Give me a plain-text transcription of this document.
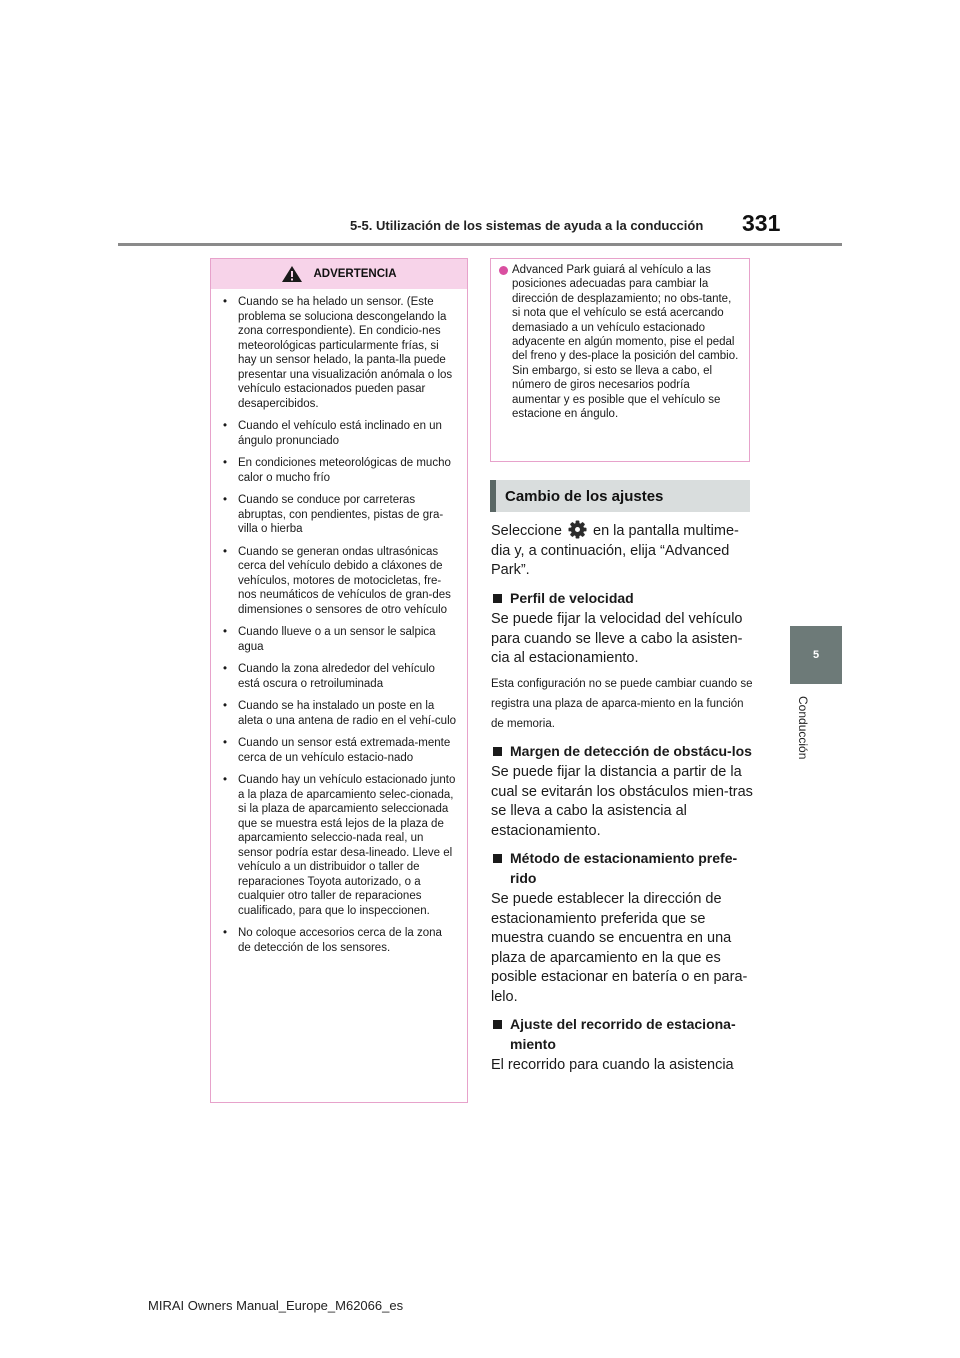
5-5. Utilización de los sistemas de ayuda a la conducción 331
5
Conducción
ADVERTENCIA
• Cuando se ha helado un sensor. (Este problema se soluciona descongelando la zona correspondiente). En condicio-nes meteorológicas particularmente frías, si hay un sensor helado, la panta-lla puede presentar una visualización anómala o los vehículo estacionados pueden pasar desapercibidos.
• Cuando el vehículo está inclinado en un ángulo pronunciado
• En condiciones meteorológicas de mucho calor o mucho frío
• Cuando se conduce por carreteras abruptas, con pendientes, pistas de gra-villa o hierba
• Cuando se generan ondas ultrasónicas cerca del vehículo debido a cláxones de vehículos, motores de motocicletas, fre-nos neumáticos de vehículos de gran-des dimensiones o sensores de otro vehículo
• Cuando llueve o a un sensor le salpica agua
• Cuando la zona alrededor del vehículo está oscura o retroiluminada
• Cuando se ha instalado un poste en la aleta o una antena de radio en el vehí-culo
• Cuando un sensor está extremada-mente cerca de un vehículo estacio-nado
• Cuando hay un vehículo estacionado junto a la plaza de aparcamiento selec-cionada, si la plaza de aparcamiento seleccionada que se muestra está lejos de la plaza de aparcamiento seleccio-nada real, un sensor podría estar desa-lineado. Lleve el vehículo a un distribuidor o taller de reparaciones Toyota autorizado, o a cualquier otro taller de reparaciones cualificado, para que lo inspeccionen.
• No coloque accesorios cerca de la zona de detección de los sensores.
Advanced Park guiará al vehículo a las posiciones adecuadas para cambiar la dirección de desplazamiento; no obs-tante, si nota que el vehículo se está acercando demasiado a un vehículo estacionado adyacente en algún momento, pise el pedal del freno y des-place la posición del cambio. Sin embargo, si esto se lleva a cabo, el número de giros necesarios podría aumentar y es posible que el vehículo se estacione en ángulo.
Cambio de los ajustes

Seleccione en la pantalla multime-dia y, a continuación, elija “Advanced Park”.

Perfil de velocidad

Se puede fijar la velocidad del vehículo para cuando se lleve a cabo la asisten-cia al estacionamiento.

Esta configuración no se puede cambiar cuando se registra una plaza de aparca-miento en la función de memoria.

Margen de detección de obstácu-los

Se puede fijar la distancia a partir de la cual se evitarán los obstáculos mien-tras se lleva a cabo la asistencia al estacionamiento.

Método de estacionamiento prefe-rido

Se puede establecer la dirección de estacionamiento preferida que se muestra cuando se encuentra en una plaza de aparcamiento en la que es posible estacionar en batería o en para-lelo.

Ajuste del recorrido de estaciona-miento

El recorrido para cuando la asistencia

MIRAI Owners Manual_Europe_M62066_es
